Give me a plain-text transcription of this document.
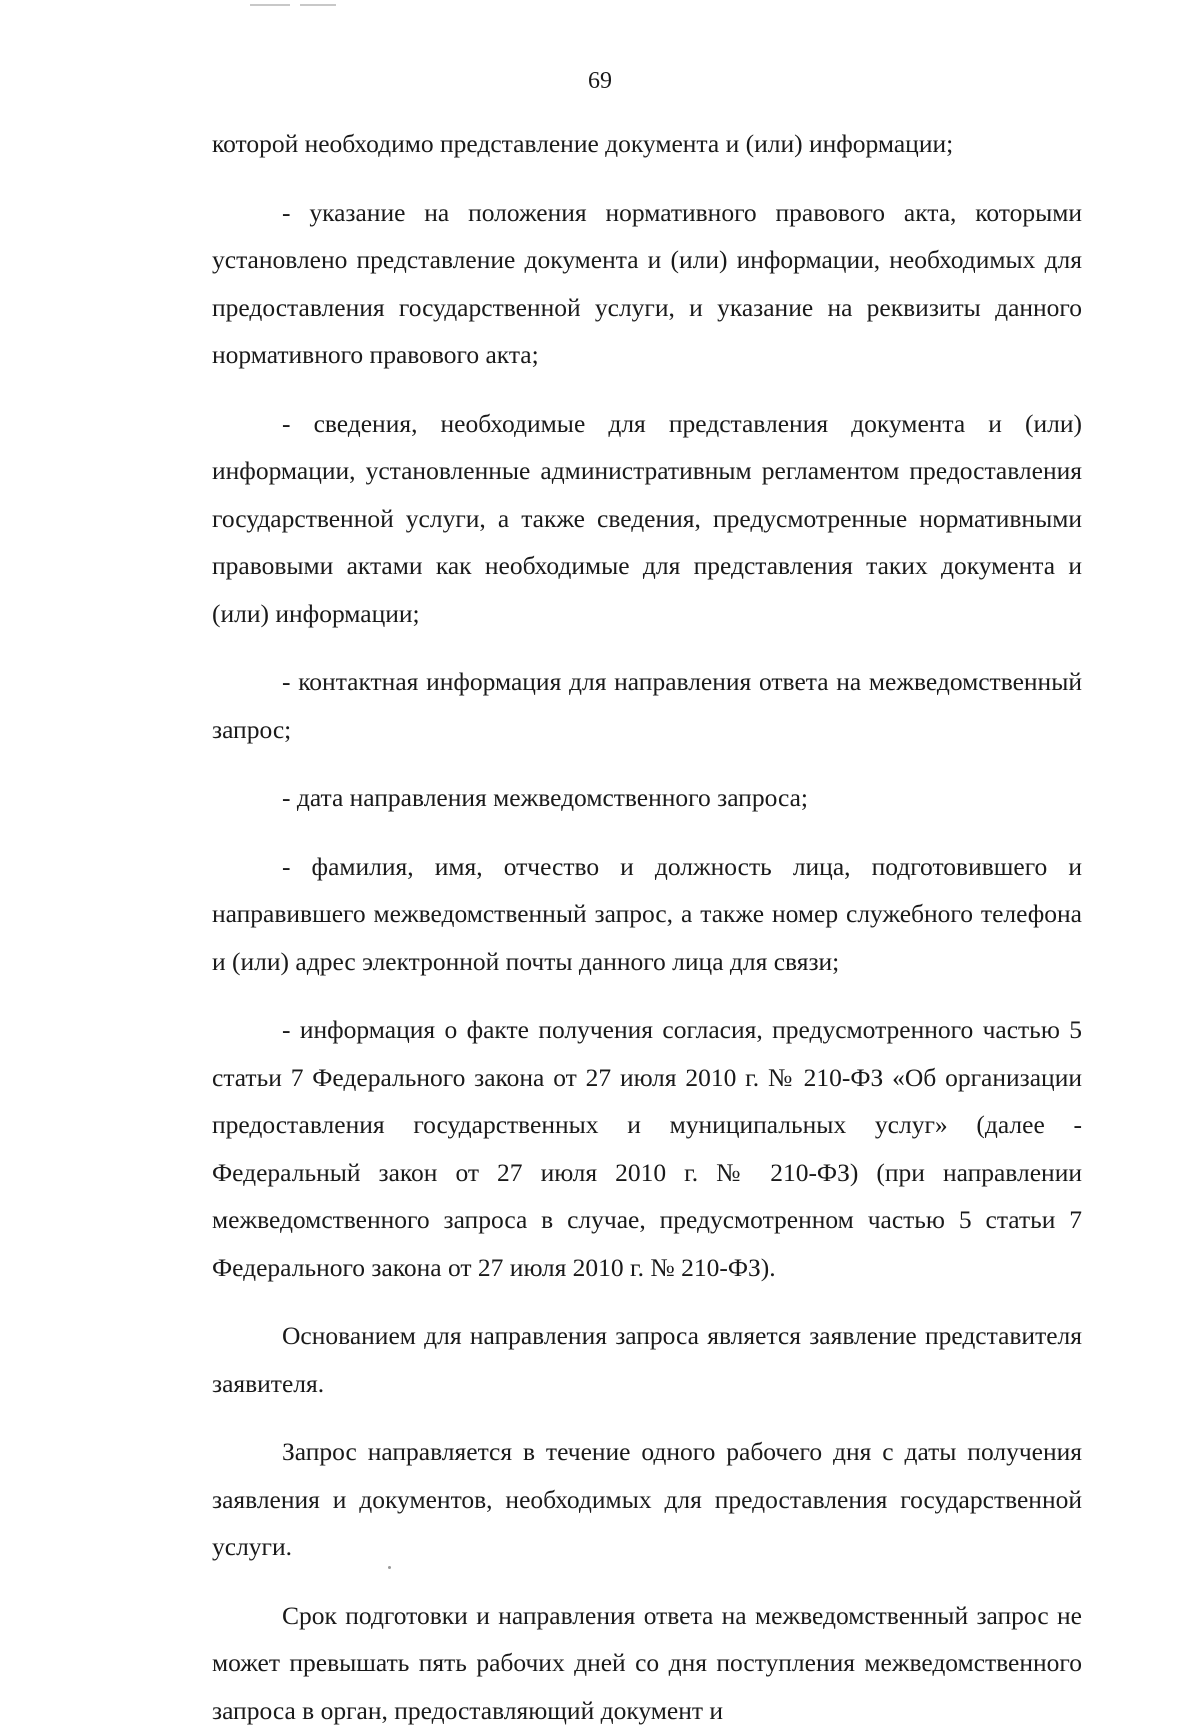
69

которой необходимо представление документа и (или) информации;

- указание на положения нормативного правового акта, которыми установлено представление документа и (или) информации, необходимых для предоставления государственной услуги, и указание на реквизиты данного нормативного правового акта;

- сведения, необходимые для представления документа и (или) информации, установленные административным регламентом предоставления государственной услуги, а также сведения, предусмотренные нормативными правовыми актами как необходимые для представления таких документа и (или) информации;

- контактная информация для направления ответа на межведомственный запрос;

- дата направления межведомственного запроса;

- фамилия, имя, отчество и должность лица, подготовившего и направившего межведомственный запрос, а также номер служебного телефона и (или) адрес электронной почты данного лица для связи;

- информация о факте получения согласия, предусмотренного частью 5 статьи 7 Федерального закона от 27 июля 2010 г. № 210-ФЗ «Об организации предоставления государственных и муниципальных услуг» (далее - Федеральный закон от 27 июля 2010 г. № 210-ФЗ) (при направлении межведомственного запроса в случае, предусмотренном частью 5 статьи 7 Федерального закона от 27 июля 2010 г. № 210-ФЗ).

Основанием для направления запроса является заявление представителя заявителя.

Запрос направляется в течение одного рабочего дня с даты получения заявления и документов, необходимых для предоставления государственной услуги.

Срок подготовки и направления ответа на межведомственный запрос не может превышать пять рабочих дней со дня поступления межведомственного запроса в орган, предоставляющий документ и
